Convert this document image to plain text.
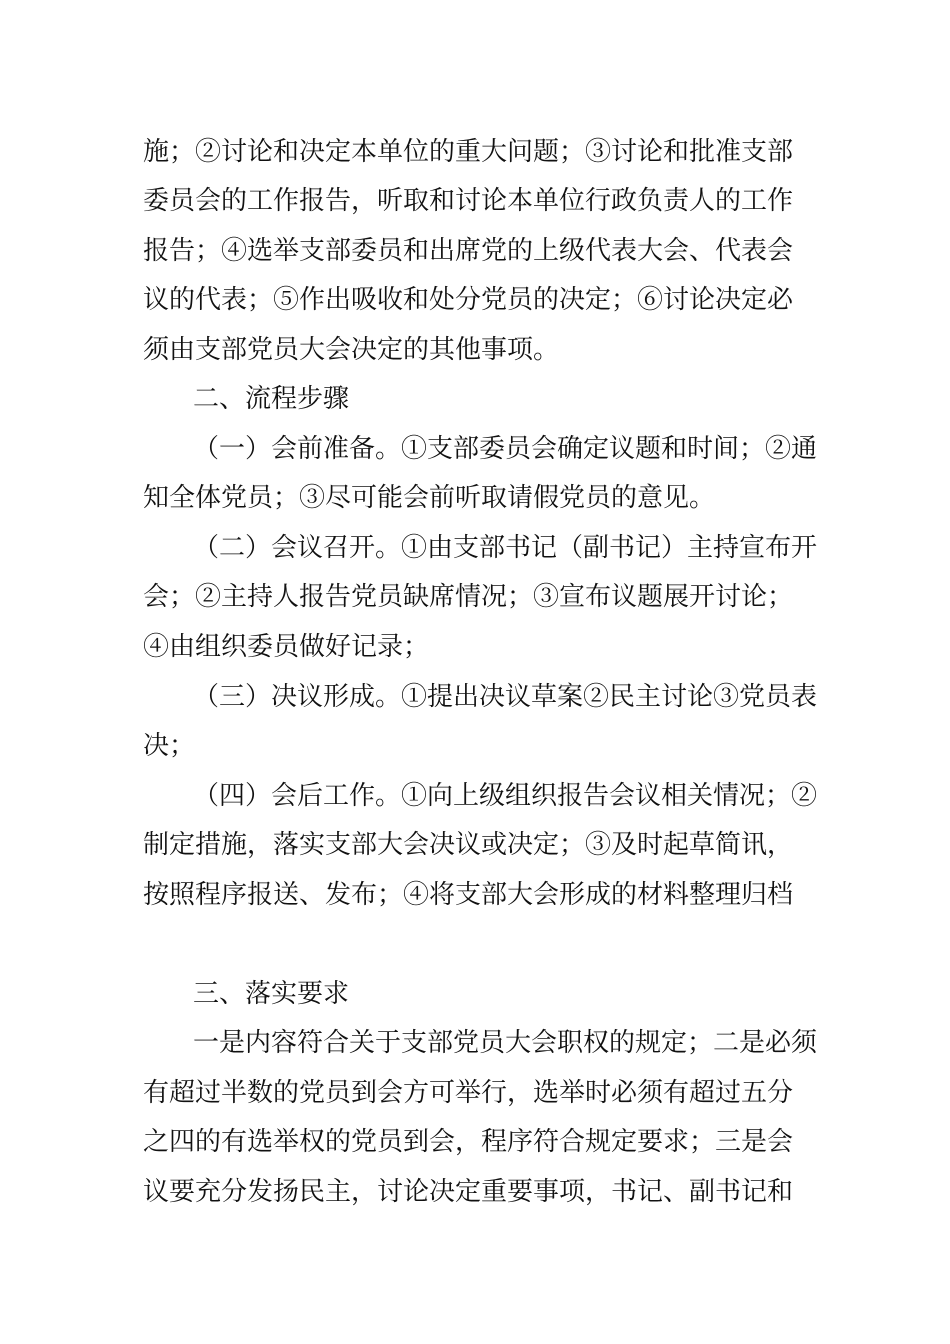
施；②讨论和决定本单位的重大问题；③讨论和批准支部
委员会的工作报告，听取和讨论本单位行政负责人的工作
报告；④选举支部委员和出席党的上级代表大会、代表会
议的代表；⑤作出吸收和处分党员的决定；⑥讨论决定必
须由支部党员大会决定的其他事项。
二、流程步骤
（一）会前准备。①支部委员会确定议题和时间；②通
知全体党员；③尽可能会前听取请假党员的意见。
（二）会议召开。①由支部书记（副书记）主持宣布开
会；②主持人报告党员缺席情况；③宣布议题展开讨论；
④由组织委员做好记录；
（三）决议形成。①提出决议草案②民主讨论③党员表
决；
（四）会后工作。①向上级组织报告会议相关情况；②
制定措施，落实支部大会决议或决定；③及时起草简讯，
按照程序报送、发布；④将支部大会形成的材料整理归档
三、落实要求
一是内容符合关于支部党员大会职权的规定；二是必须
有超过半数的党员到会方可举行，选举时必须有超过五分
之四的有选举权的党员到会，程序符合规定要求；三是会
议要充分发扬民主，讨论决定重要事项，书记、副书记和
